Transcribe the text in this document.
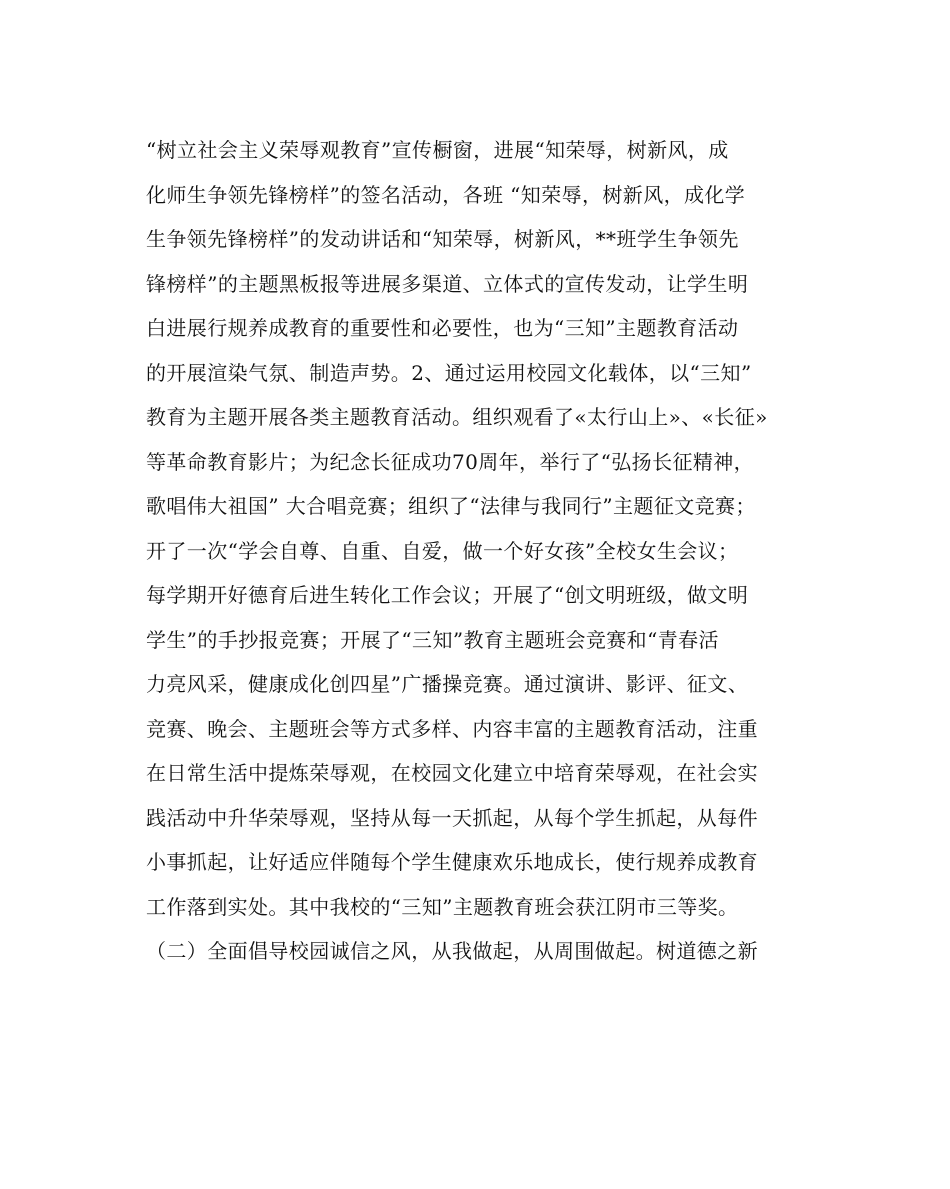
“树立社会主义荣辱观教育”宣传橱窗，进展“知荣辱，树新风，成
化师生争领先锋榜样”的签名活动，各班 “知荣辱，树新风，成化学
生争领先锋榜样”的发动讲话和“知荣辱，树新风，**班学生争领先
锋榜样”的主题黑板报等进展多渠道、立体式的宣传发动，让学生明
白进展行规养成教育的重要性和必要性，也为“三知”主题教育活动
的开展渲染气氛、制造声势。2、通过运用校园文化载体，以“三知”
教育为主题开展各类主题教育活动。组织观看了«太行山上»、«长征»
等革命教育影片；为纪念长征成功70周年，举行了“弘扬长征精神，
歌唱伟大祖国” 大合唱竞赛；组织了“法律与我同行”主题征文竞赛；
开了一次“学会自尊、自重、自爱，做一个好女孩”全校女生会议；
每学期开好德育后进生转化工作会议；开展了“创文明班级，做文明
学生”的手抄报竞赛；开展了“三知”教育主题班会竞赛和“青春活
力亮风采，健康成化创四星”广播操竞赛。通过演讲、影评、征文、
竞赛、晚会、主题班会等方式多样、内容丰富的主题教育活动，注重
在日常生活中提炼荣辱观，在校园文化建立中培育荣辱观，在社会实
践活动中升华荣辱观，坚持从每一天抓起，从每个学生抓起，从每件
小事抓起，让好适应伴随每个学生健康欢乐地成长，使行规养成教育
工作落到实处。其中我校的“三知”主题教育班会获江阴市三等奖。
（二）全面倡导校园诚信之风，从我做起，从周围做起。树道德之新
